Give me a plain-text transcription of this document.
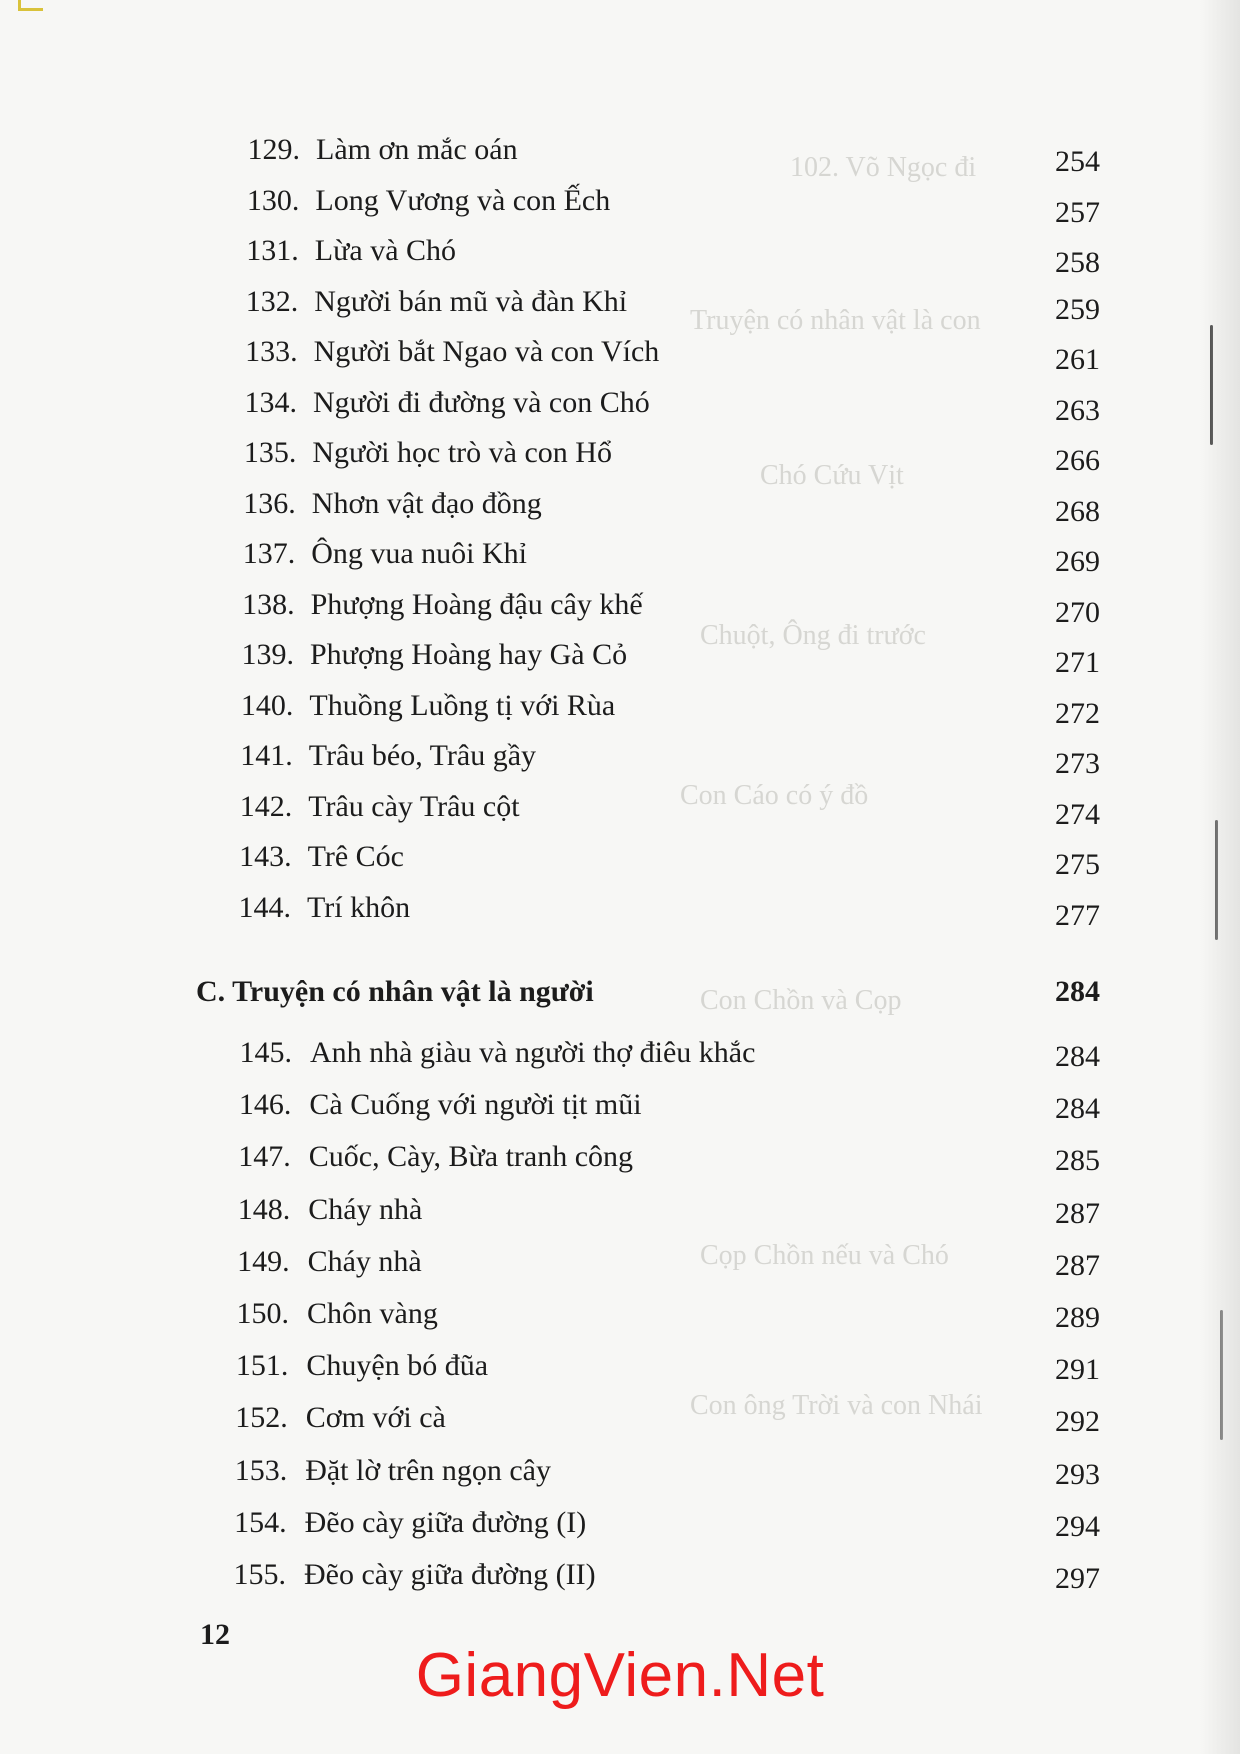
102. Võ Ngọc đi
Truyện có nhân vật là con
Chó Cứu Vịt
Chuột, Ông đi trước
Con Cáo có ý đồ
Con Chồn và Cọp
Cọp Chồn nếu và Chó
Con ông Trời và con Nhái
129. Làm ơn mắc oán	254
130. Long Vương và con Ếch	257
131. Lừa và Chó	258
132. Người bán mũ và đàn Khỉ	259
133. Người bắt Ngao và con Vích	261
134. Người đi đường và con Chó	263
135. Người học trò và con Hổ	266
136. Nhơn vật đạo đồng	268
137. Ông vua nuôi Khỉ	269
138. Phượng Hoàng đậu cây khế	270
139. Phượng Hoàng hay Gà Cỏ	271
140. Thuồng Luồng tị với Rùa	272
141. Trâu béo, Trâu gầy	273
142. Trâu cày Trâu cột	274
143. Trê Cóc	275
144. Trí khôn	277
C. Truyện có nhân vật là người	284
145. Anh nhà giàu và người thợ điêu khắc	284
146. Cà Cuống với người tịt mũi	284
147. Cuốc, Cày, Bừa tranh công	285
148. Cháy nhà	287
149. Cháy nhà	287
150. Chôn vàng	289
151. Chuyện bó đũa	291
152. Cơm với cà	292
153. Đặt lờ trên ngọn cây	293
154. Đẽo cày giữa đường (I)	294
155. Đẽo cày giữa đường (II)	297
12
GiangVien.Net
